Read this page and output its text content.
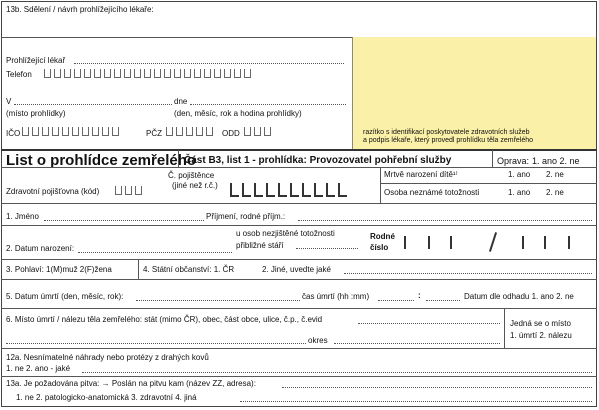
13b. Sdělení / návrh prohlížejícího lékaře:
razítko s identifikací poskytovatele zdravotních služeb
a podpis lékaře, který provedl prohlídku těla zemřelého
Prohlížející lékař
Telefon
V	dne
(místo prohlídky)	(den, měsíc, rok a hodina prohlídky)
IČO	PČZ	ODD
List o prohlídce zemřelého
Část B3, list 1 - prohlídka: Provozovatel pohřební služby	Oprava: 1. ano 2. ne
Zdravotní pojišťovna (kód)
Č. pojištěnce
(jiné než r.č.)
Mrtvě narození dítě¹⁾	1. ano 2. ne
Osoba neznámé totožnosti	1. ano 2. ne
1. Jméno	Příjmení, rodné příjm.:
2. Datum narození:
u osob nezjištěné totožnosti
přibližné stáří
Rodné
číslo
3. Pohlaví: 1(M)muž 2(F)žena	4. Státní občanství: 1. ČR	2. Jiné, uvedte jaké
5. Datum úmrtí (den, měsíc, rok):	čas úmrtí (hh :mm)	:	Datum dle odhadu 1. ano 2. ne
6. Místo úmrtí / nálezu těla zemřelého: stát (mimo ČR), obec, část obce, ulice, č.p., č.evid
okres
Jedná se o místo
1. úmrtí 2. nálezu
12a. Nesnímatelné náhrady nebo protézy z drahých kovů
1. ne 2. ano - jaké
13a. Je požadována pitva: → Poslán na pitvu kam (název ZZ, adresa):
1. ne 2. patologicko-anatomická 3. zdravotní 4. jiná
